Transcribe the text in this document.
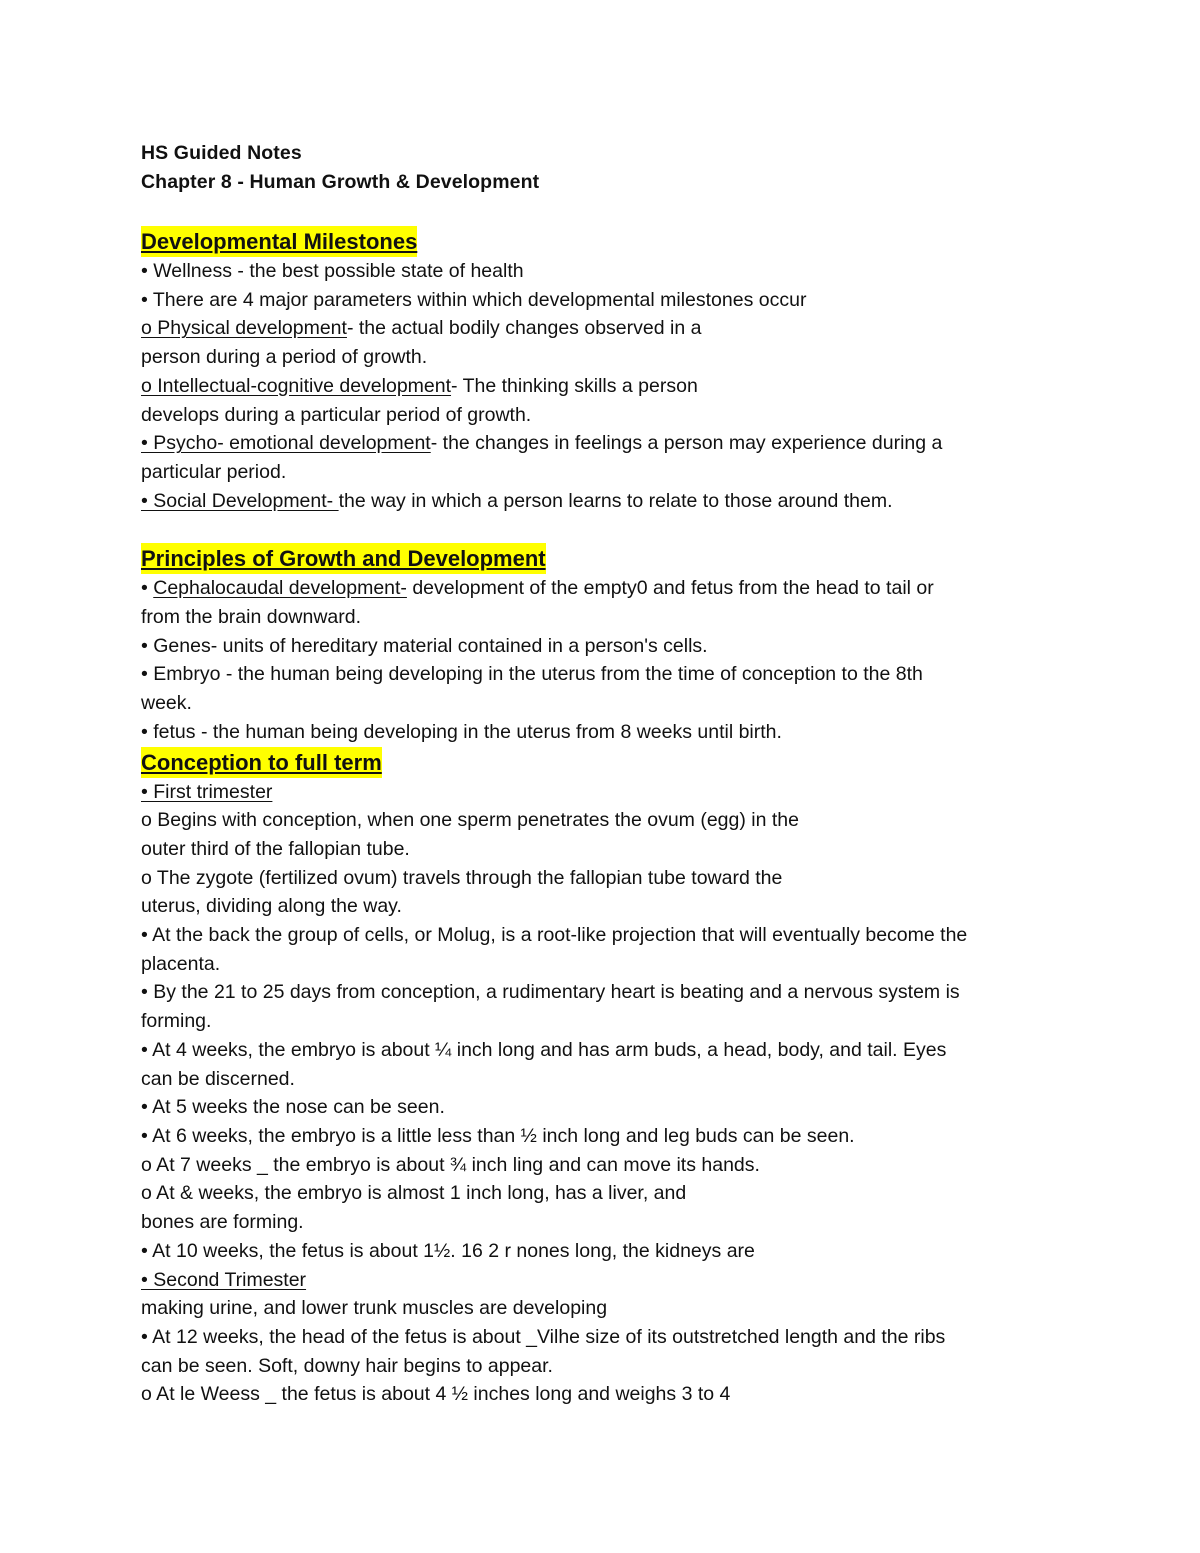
HS Guided Notes

Chapter 8 - Human Growth & Development

Developmental Milestones

• Wellness - the best possible state of health

• There are 4 major parameters within which developmental milestones occur

o Physical development- the actual bodily changes observed in a

person during a period of growth.

o Intellectual-cognitive development- The thinking skills a person

develops during a particular period of growth.

• Psycho- emotional development- the changes in feelings a person may experience during a

particular period.

• Social Development- the way in which a person learns to relate to those around them.

Principles of Growth and Development

• Cephalocaudal development- development of the empty0 and fetus from the head to tail or

from the brain downward.

• Genes- units of hereditary material contained in a person's cells.

• Embryo - the human being developing in the uterus from the time of conception to the 8th

week.

• fetus - the human being developing in the uterus from 8 weeks until birth.

Conception to full term

• First trimester

o Begins with conception, when one sperm penetrates the ovum (egg) in the

outer third of the fallopian tube.

o The zygote (fertilized ovum) travels through the fallopian tube toward the

uterus, dividing along the way.

• At the back the group of cells, or Molug, is a root-like projection that will eventually become the

placenta.

• By the 21 to 25 days from conception, a rudimentary heart is beating and a nervous system is

forming.

• At 4 weeks, the embryo is about ¼ inch long and has arm buds, a head, body, and tail. Eyes

can be discerned.

• At 5 weeks the nose can be seen.

• At 6 weeks, the embryo is a little less than ½ inch long and leg buds can be seen.

o At 7 weeks _ the embryo is about ¾ inch ling and can move its hands.

o At & weeks, the embryo is almost 1 inch long, has a liver, and

bones are forming.

• At 10 weeks, the fetus is about 1½. 16 2 r nones long, the kidneys are

• Second Trimester

making urine, and lower trunk muscles are developing

• At 12 weeks, the head of the fetus is about _Vilhe size of its outstretched length and the ribs

can be seen. Soft, downy hair begins to appear.

o At le Weess _ the fetus is about 4 ½ inches long and weighs 3 to 4
